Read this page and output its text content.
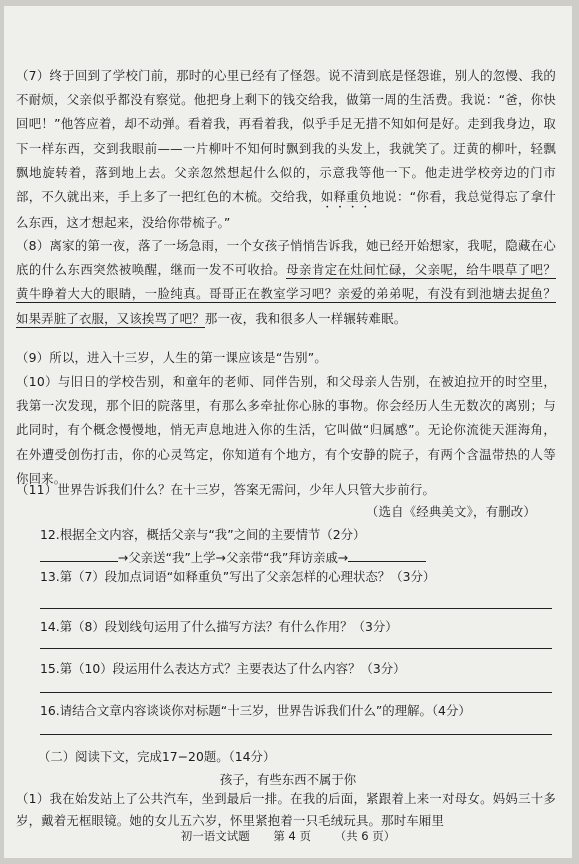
（7）终于回到了学校门前，那时的心里已经有了怪怨。说不清到底是怪怨谁，别人的忽慢、我的不耐烦，父亲似乎都没有察觉。他把身上剩下的钱交给我，做第一周的生活费。我说：“爸，你快回吧！”他答应着，却不动弹。看着我，再看着我，似乎手足无措不知如何是好。走到我身边，取下一样东西，交到我眼前——一片柳叶不知何时飘到我的头发上，我就笑了。迂黄的柳叶，轻飘飘地旋转着，落到地上去。父亲忽然想起什么似的，示意我等他一下。他走进学校旁边的门市部，不久就出来，手上多了一把红色的木梳。交给我，如释重负地说：“你看，我总觉得忘了拿什么东西，这才想起来，没给你带梳子。”
（8）离家的第一夜，落了一场急雨，一个女孩子悄悄告诉我，她已经开始想家，我呢，隐藏在心底的什么东西突然被唤醒，继而一发不可收拾。母亲肯定在灶间忙碌，父亲呢，给牛喂草了吧？黄牛睁着大大的眼睛，一脸纯真。哥哥正在教室学习吧？亲爱的弟弟呢，有没有到池塘去捉鱼？如果弄脏了衣服，又该挨骂了吧？那一夜，我和很多人一样辗转难眠。
（9）所以，进入十三岁，人生的第一课应该是“告别”。
（10）与旧日的学校告别，和童年的老师、同伴告别，和父母亲人告别，在被迫拉开的时空里，我第一次发现，那个旧的院落里，有那么多牵扯你心脉的事物。你会经历人生无数次的离别；与此同时，有个概念慢慢地，悄无声息地进入你的生活，它叫做“归属感”。无论你流徙天涯海角，在外遭受创伤打击，你的心灵笃定，你知道有个地方，有个安静的院子，有两个含温带热的人等你回来。
（11）世界告诉我们什么？在十三岁，答案无需问，少年人只管大步前行。
（选自《经典美文》，有删改）
12.根据全文内容，概括父亲与“我”之间的主要情节（2分）
→父亲送“我”上学→父亲带“我”拜访亲戚→
13.第（7）段加点词语“如释重负”写出了父亲怎样的心理状态？（3分）
14.第（8）段划线句运用了什么描写方法？有什么作用？（3分）
15.第（10）段运用什么表达方式？主要表达了什么内容？（3分）
16.请结合文章内容谈谈你对标题“十三岁，世界告诉我们什么”的理解。（4分）
（二）阅读下文，完成17−20题。（14分）
孩子，有些东西不属于你
（1）我在始发站上了公共汽车，坐到最后一排。在我的后面，紧跟着上来一对母女。妈妈三十多岁，戴着无框眼镜。她的女儿五六岁，怀里紧抱着一只毛绒玩具。那时车厢里
初一语文试题 第 4 页 （共 6 页）
